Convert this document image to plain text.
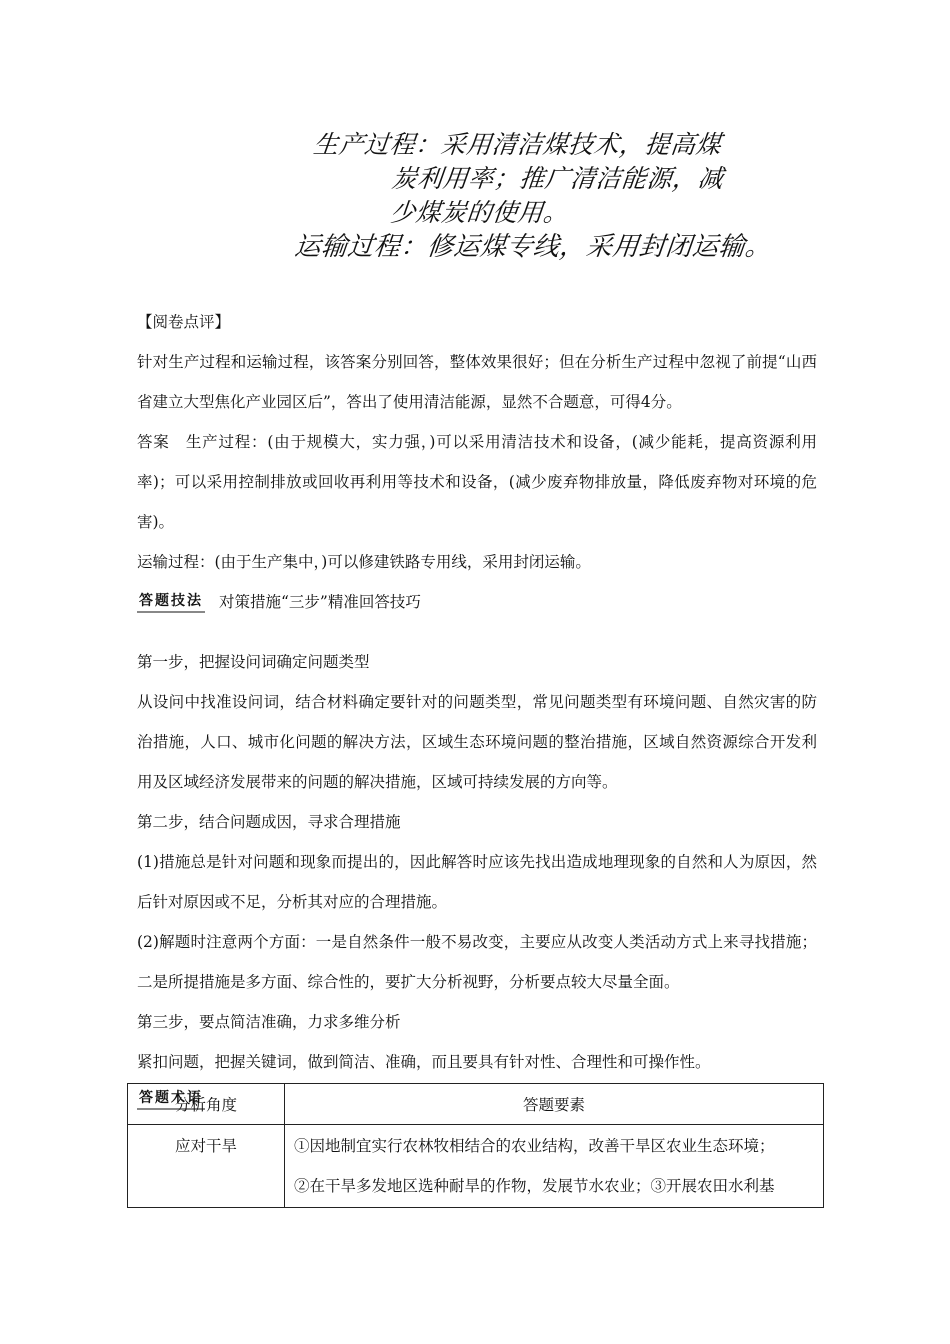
生产过程：采用清洁煤技术，提高煤
炭利用率；推广清洁能源，减
少煤炭的使用。
运输过程：修运煤专线，采用封闭运输。

【阅卷点评】

针对生产过程和运输过程，该答案分别回答，整体效果很好；但在分析生产过程中忽视了前提“山西省建立大型焦化产业园区后”，答出了使用清洁能源，显然不合题意，可得4分。

答案　生产过程：(由于规模大，实力强，)可以采用清洁技术和设备，(减少能耗，提高资源利用率)；可以采用控制排放或回收再利用等技术和设备，(减少废弃物排放量，降低废弃物对环境的危害)。

运输过程：(由于生产集中，)可以修建铁路专用线，采用封闭运输。

答题技法 对策措施“三步”精准回答技巧

第一步，把握设问词确定问题类型

从设问中找准设问词，结合材料确定要针对的问题类型，常见问题类型有环境问题、自然灾害的防治措施，人口、城市化问题的解决方法，区域生态环境问题的整治措施，区域自然资源综合开发利用及区域经济发展带来的问题的解决措施，区域可持续发展的方向等。

第二步，结合问题成因，寻求合理措施

(1)措施总是针对问题和现象而提出的，因此解答时应该先找出造成地理现象的自然和人为原因，然后针对原因或不足，分析其对应的合理措施。

(2)解题时注意两个方面：一是自然条件一般不易改变，主要应从改变人类活动方式上来寻找措施；二是所提措施是多方面、综合性的，要扩大分析视野，分析要点较大尽量全面。

第三步，要点简洁准确，力求多维分析

紧扣问题，把握关键词，做到简洁、准确，而且要具有针对性、合理性和可操作性。

答题术语
分析角度	答题要素

应对干旱	①因地制宜实行农林牧相结合的农业结构，改善干旱区农业生态环境；
②在干旱多发地区选种耐旱的作物，发展节水农业；③开展农田水利基
